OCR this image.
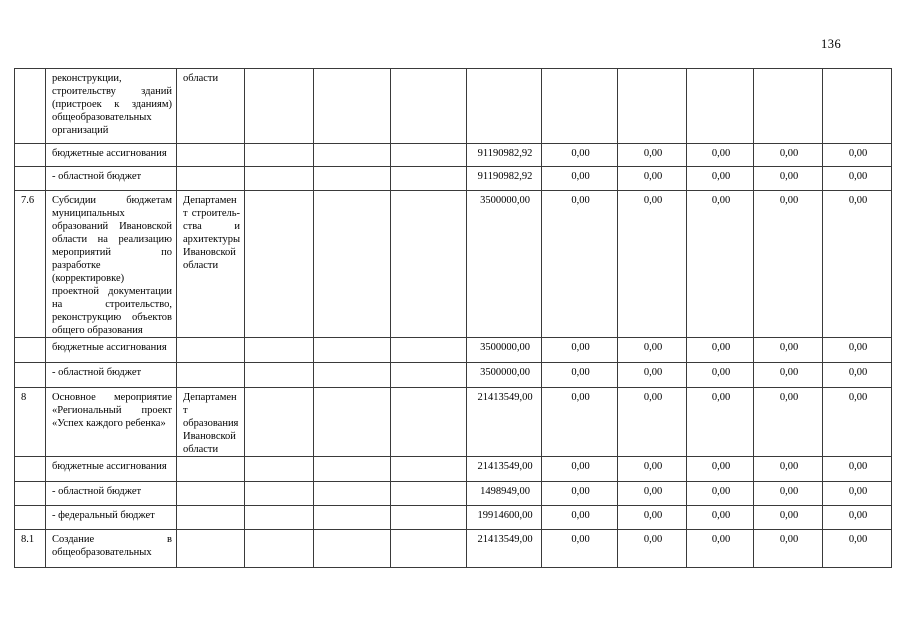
136
	реконструкции, строительству зданий (пристроек к зданиям) общеобразовательных организаций	области									
	бюджетные ассигнования					91190982,92	0,00	0,00	0,00	0,00	0,00
	- областной бюджет					91190982,92	0,00	0,00	0,00	0,00	0,00
7.6	Субсидии бюджетам муниципальных образований Ивановской области на реализацию мероприятий по разработке (корректировке) проектной документации на строительство, реконструкцию объектов общего образования	Департамент строитель-ства и архитектуры Ивановской области				3500000,00	0,00	0,00	0,00	0,00	0,00
	бюджетные ассигнования					3500000,00	0,00	0,00	0,00	0,00	0,00
	- областной бюджет					3500000,00	0,00	0,00	0,00	0,00	0,00
8	Основное мероприятие «Региональный проект «Успех каждого ребенка»	Департамент образования Ивановской области				21413549,00	0,00	0,00	0,00	0,00	0,00
	бюджетные ассигнования					21413549,00	0,00	0,00	0,00	0,00	0,00
	- областной бюджет					1498949,00	0,00	0,00	0,00	0,00	0,00
	- федеральный бюджет					19914600,00	0,00	0,00	0,00	0,00	0,00
8.1	Создание в общеобразовательных					21413549,00	0,00	0,00	0,00	0,00	0,00
